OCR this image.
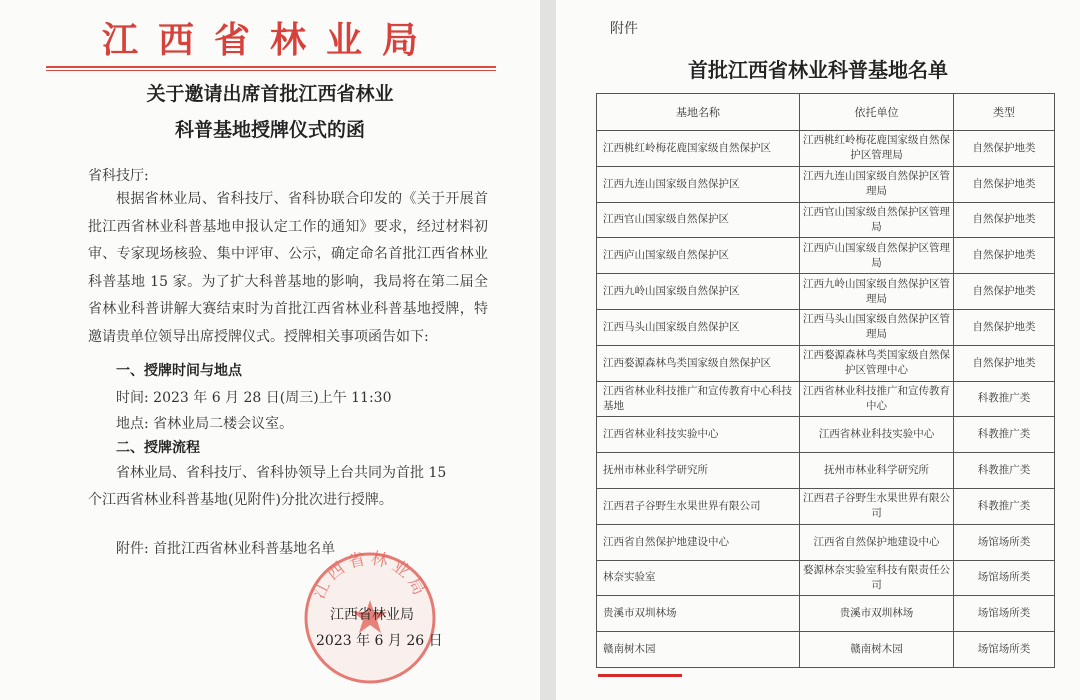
江西省林业局
关于邀请出席首批江西省林业
科普基地授牌仪式的函
省科技厅:
根据省林业局、省科技厅、省科协联合印发的《关于开展首批江西省林业科普基地申报认定工作的通知》要求，经过材料初审、专家现场核验、集中评审、公示，确定命名首批江西省林业科普基地 15 家。为了扩大科普基地的影响，我局将在第二届全省林业科普讲解大赛结束时为首批江西省林业科普基地授牌，特邀请贵单位领导出席授牌仪式。授牌相关事项函告如下:
一、授牌时间与地点
时间: 2023 年 6 月 28 日(周三)上午 11:30
地点: 省林业局二楼会议室。
二、授牌流程
省林业局、省科技厅、省科协领导上台共同为首批 15
个江西省林业科普基地(见附件)分批次进行授牌。
附件: 首批江西省林业科普基地名单
江西省林业局
江西省林业局
2023 年 6 月 26 日
附件
首批江西省林业科普基地名单
基地名称	依托单位	类型
江西桃红岭梅花鹿国家级自然保护区	江西桃红岭梅花鹿国家级自然保护区管理局	自然保护地类
江西九连山国家级自然保护区	江西九连山国家级自然保护区管理局	自然保护地类
江西官山国家级自然保护区	江西官山国家级自然保护区管理局	自然保护地类
江西庐山国家级自然保护区	江西庐山国家级自然保护区管理局	自然保护地类
江西九岭山国家级自然保护区	江西九岭山国家级自然保护区管理局	自然保护地类
江西马头山国家级自然保护区	江西马头山国家级自然保护区管理局	自然保护地类
江西婺源森林鸟类国家级自然保护区	江西婺源森林鸟类国家级自然保护区管理中心	自然保护地类
江西省林业科技推广和宣传教育中心科技基地	江西省林业科技推广和宣传教育中心	科教推广类
江西省林业科技实验中心	江西省林业科技实验中心	科教推广类
抚州市林业科学研究所	抚州市林业科学研究所	科教推广类
江西君子谷野生水果世界有限公司	江西君子谷野生水果世界有限公司	科教推广类
江西省自然保护地建设中心	江西省自然保护地建设中心	场馆场所类
林奈实验室	婺源林奈实验室科技有限责任公司	场馆场所类
贵溪市双圳林场	贵溪市双圳林场	场馆场所类
赣南树木园	赣南树木园	场馆场所类
